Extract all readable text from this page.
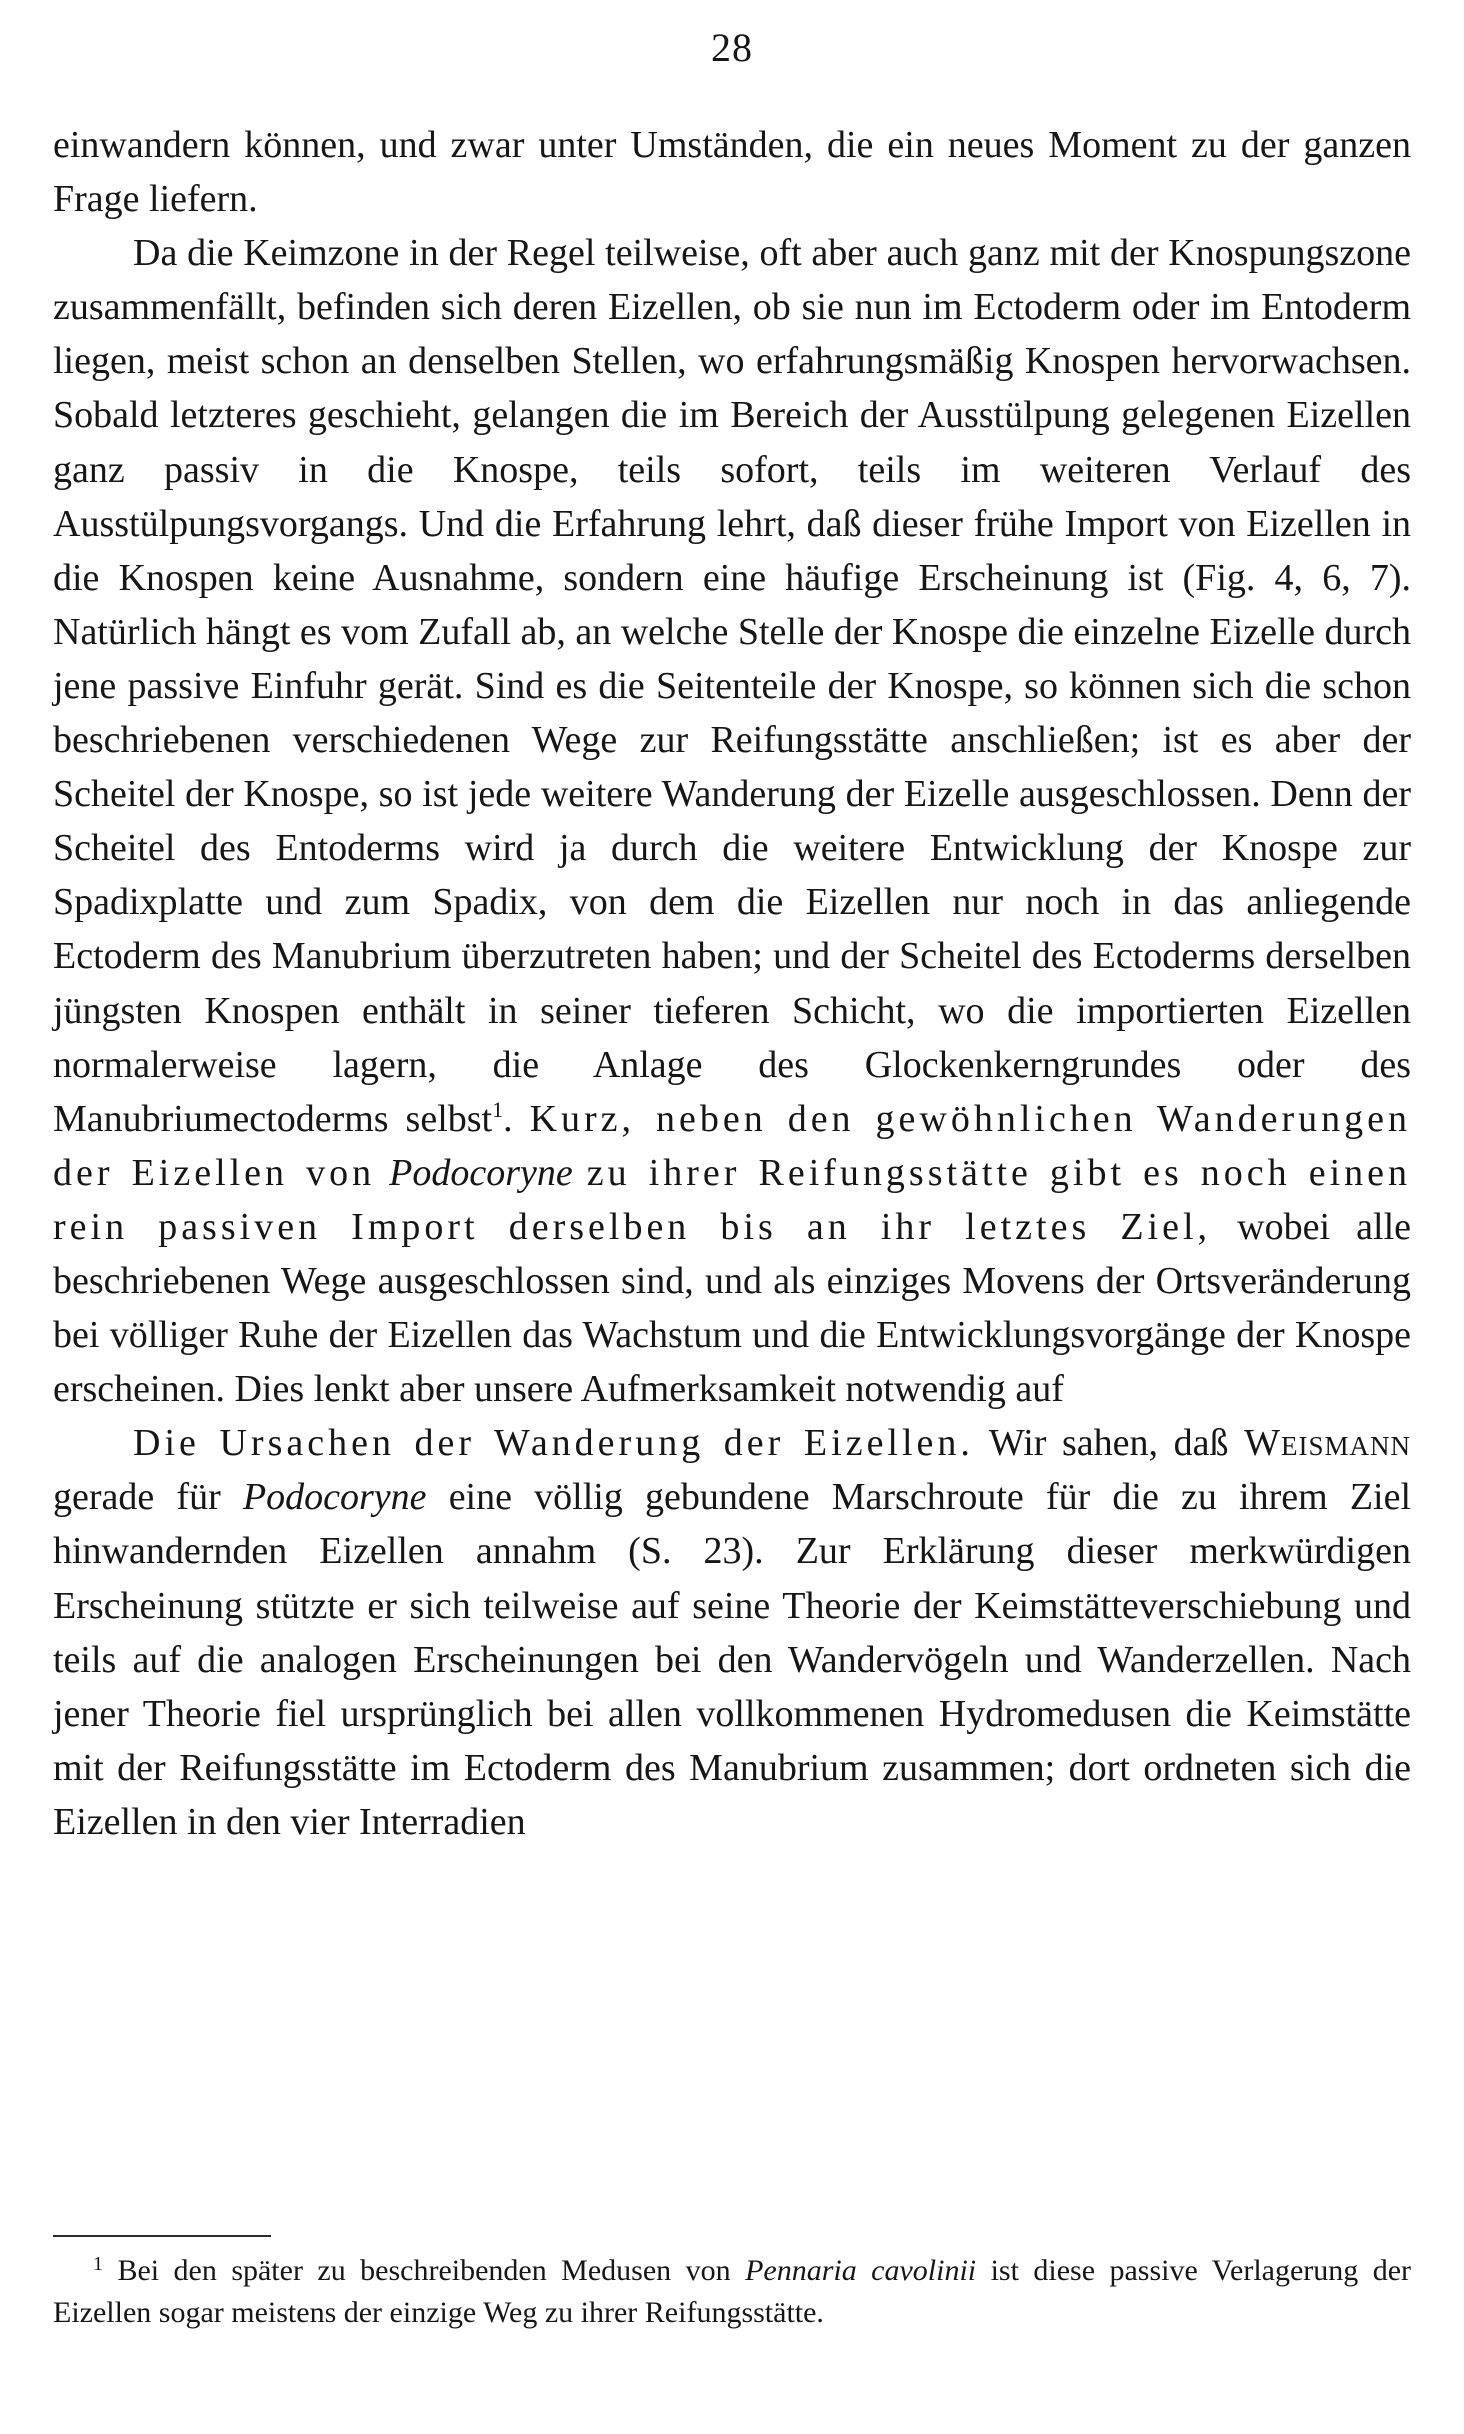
28

einwandern können, und zwar unter Umständen, die ein neues Moment zu der ganzen Frage liefern.

Da die Keimzone in der Regel teilweise, oft aber auch ganz mit der Knospungszone zusammenfällt, befinden sich deren Eizellen, ob sie nun im Ectoderm oder im Entoderm liegen, meist schon an denselben Stellen, wo erfahrungsmäßig Knospen hervorwachsen. Sobald letzteres geschieht, gelangen die im Bereich der Ausstülpung gelegenen Eizellen ganz passiv in die Knospe, teils sofort, teils im weiteren Verlauf des Ausstülpungsvorgangs. Und die Erfahrung lehrt, daß dieser frühe Import von Eizellen in die Knospen keine Ausnahme, sondern eine häufige Erscheinung ist (Fig. 4, 6, 7). Natürlich hängt es vom Zufall ab, an welche Stelle der Knospe die einzelne Eizelle durch jene passive Einfuhr gerät. Sind es die Seitenteile der Knospe, so können sich die schon beschriebenen verschiedenen Wege zur Reifungsstätte anschließen; ist es aber der Scheitel der Knospe, so ist jede weitere Wanderung der Eizelle ausgeschlossen. Denn der Scheitel des Entoderms wird ja durch die weitere Entwicklung der Knospe zur Spadixplatte und zum Spadix, von dem die Eizellen nur noch in das anliegende Ectoderm des Manubrium überzutreten haben; und der Scheitel des Ectoderms derselben jüngsten Knospen enthält in seiner tieferen Schicht, wo die importierten Eizellen normalerweise lagern, die Anlage des Glockenkerngrundes oder des Manubriumectoderms selbst$^1$. Kurz, neben den gewöhnlichen Wanderungen der Eizellen von Podocoryne zu ihrer Reifungsstätte gibt es noch einen rein passiven Import derselben bis an ihr letztes Ziel, wobei alle beschriebenen Wege ausgeschlossen sind, und als einziges Movens der Ortsveränderung bei völliger Ruhe der Eizellen das Wachstum und die Entwicklungsvorgänge der Knospe erscheinen. Dies lenkt aber unsere Aufmerksamkeit notwendig auf

Die Ursachen der Wanderung der Eizellen. Wir sahen, daß Weismann gerade für Podocoryne eine völlig gebundene Marschroute für die zu ihrem Ziel hinwandernden Eizellen annahm (S. 23). Zur Erklärung dieser merkwürdigen Erscheinung stützte er sich teilweise auf seine Theorie der Keimstätteverschiebung und teils auf die analogen Erscheinungen bei den Wandervögeln und Wanderzellen. Nach jener Theorie fiel ursprünglich bei allen vollkommenen Hydromedusen die Keimstätte mit der Reifungsstätte im Ectoderm des Manubrium zusammen; dort ordneten sich die Eizellen in den vier Interradien

$^1$ Bei den später zu beschreibenden Medusen von Pennaria cavolinii ist diese passive Verlagerung der Eizellen sogar meistens der einzige Weg zu ihrer Reifungsstätte.
